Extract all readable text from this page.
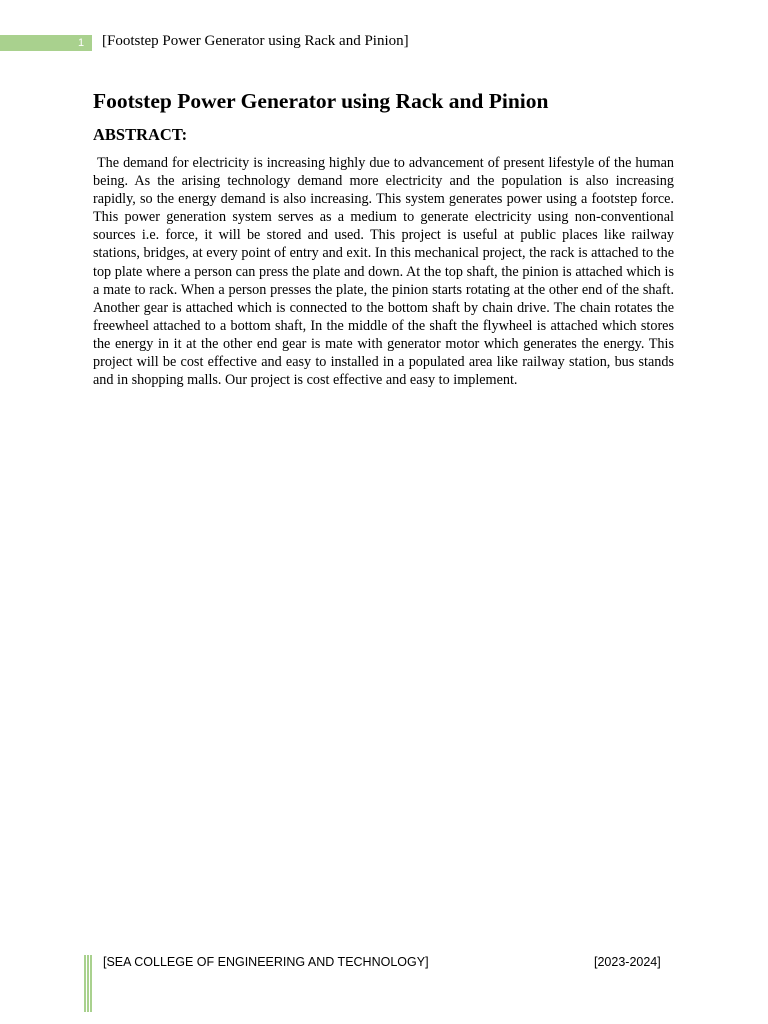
1 [Footstep Power Generator using Rack and Pinion]
Footstep Power Generator using Rack and Pinion
ABSTRACT:

The demand for electricity is increasing highly due to advancement of present lifestyle of the human being. As the arising technology demand more electricity and the population is also increasing rapidly, so the energy demand is also increasing. This system generates power using a footstep force. This power generation system serves as a medium to generate electricity using non-conventional sources i.e. force, it will be stored and used. This project is useful at public places like railway stations, bridges, at every point of entry and exit. In this mechanical project, the rack is attached to the top plate where a person can press the plate and down. At the top shaft, the pinion is attached which is a mate to rack. When a person presses the plate, the pinion starts rotating at the other end of the shaft. Another gear is attached which is connected to the bottom shaft by chain drive. The chain rotates the freewheel attached to a bottom shaft, In the middle of the shaft the flywheel is attached which stores the energy in it at the other end gear is mate with generator motor which generates the energy. This project will be cost effective and easy to installed in a populated area like railway station, bus stands and in shopping malls. Our project is cost effective and easy to implement.

[SEA COLLEGE OF ENGINEERING AND TECHNOLOGY]	[2023-2024]
